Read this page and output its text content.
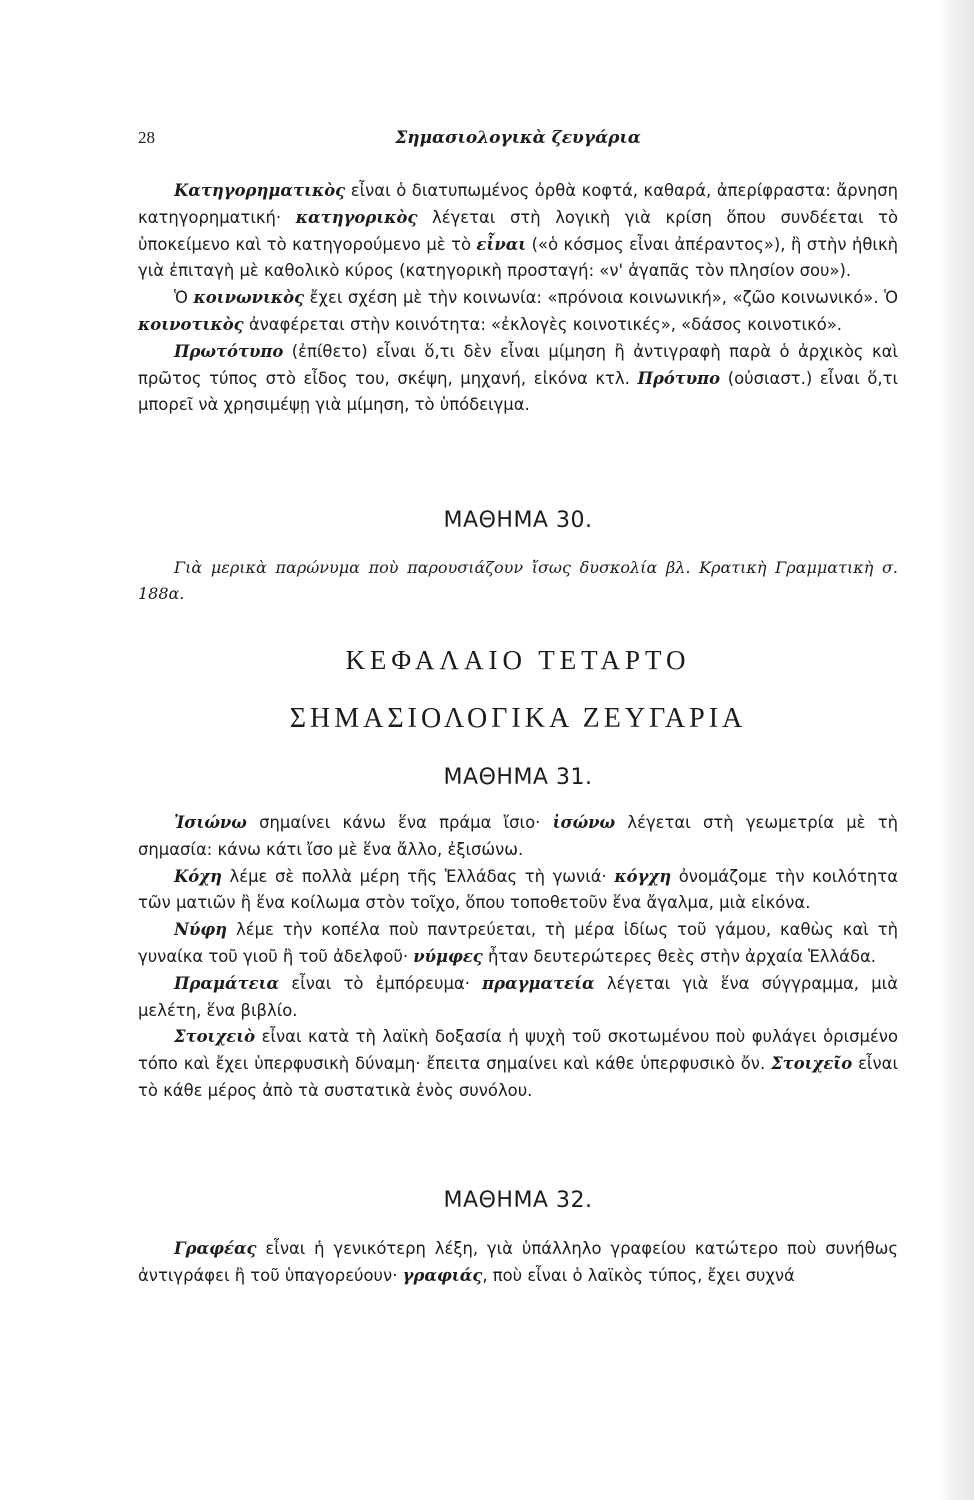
28	Σημασιολογικὰ ζευγάρια

Κατηγορηματικὸς εἶναι ὁ διατυπωμένος ὀρθὰ κοφτά, καθαρά, ἀπερίφραστα: ἄρνηση κατηγορηματική· κατηγορικὸς λέγεται στὴ λογικὴ γιὰ κρίση ὅπου συνδέεται τὸ ὑποκείμενο καὶ τὸ κατηγορούμενο μὲ τὸ εἶναι («ὁ κόσμος εἶναι ἀπέραντος»), ἢ στὴν ἠθικὴ γιὰ ἐπιταγὴ μὲ καθολικὸ κύρος (κατηγορικὴ προσταγή: «ν' ἀγαπᾶς τὸν πλησίον σου»).

Ὁ κοινωνικὸς ἔχει σχέση μὲ τὴν κοινωνία: «πρόνοια κοινωνική», «ζῶο κοινωνικό». Ὁ κοινοτικὸς ἀναφέρεται στὴν κοινότητα: «ἐκλογὲς κοινοτικές», «δάσος κοινοτικό».

Πρωτότυπο (ἐπίθετο) εἶναι ὅ,τι δὲν εἶναι μίμηση ἢ ἀντιγραφὴ παρὰ ὁ ἀρχικὸς καὶ πρῶτος τύπος στὸ εἶδος του, σκέψη, μηχανή, εἰκόνα κτλ. Πρότυπο (οὐσιαστ.) εἶναι ὅ,τι μπορεῖ νὰ χρησιμέψῃ γιὰ μίμηση, τὸ ὑπόδειγμα.

ΜΑΘΗΜΑ 30.
Γιὰ μερικὰ παρώνυμα ποὺ παρουσιάζουν ἴσως δυσκολία βλ. Κρατικὴ Γραμματικὴ σ. 188α.
ΚΕΦΑΛΑΙΟ ΤΕΤΑΡΤΟ
ΣΗΜΑΣΙΟΛΟΓΙΚΑ ΖΕΥΓΑΡΙΑ
ΜΑΘΗΜΑ 31.

Ἰσιώνω σημαίνει κάνω ἕνα πράμα ἴσιο· ἰσώνω λέγεται στὴ γεωμετρία μὲ τὴ σημασία: κάνω κάτι ἴσο μὲ ἕνα ἄλλο, ἐξισώνω.

Κόχη λέμε σὲ πολλὰ μέρη τῆς Ἑλλάδας τὴ γωνιά· κόγχη ὀνομάζομε τὴν κοιλότητα τῶν ματιῶν ἢ ἕνα κοίλωμα στὸν τοῖχο, ὅπου τοποθετοῦν ἕνα ἄγαλμα, μιὰ εἰκόνα.

Νύφη λέμε τὴν κοπέλα ποὺ παντρεύεται, τὴ μέρα ἰδίως τοῦ γάμου, καθὼς καὶ τὴ γυναίκα τοῦ γιοῦ ἢ τοῦ ἀδελφοῦ· νύμφες ἦταν δευτερώτερες θεὲς στὴν ἀρχαία Ἑλλάδα.

Πραμάτεια εἶναι τὸ ἐμπόρευμα· πραγματεία λέγεται γιὰ ἕνα σύγγραμμα, μιὰ μελέτη, ἕνα βιβλίο.

Στοιχειὸ εἶναι κατὰ τὴ λαϊκὴ δοξασία ἡ ψυχὴ τοῦ σκοτωμένου ποὺ φυλάγει ὁρισμένο τόπο καὶ ἔχει ὑπερφυσικὴ δύναμη· ἔπειτα σημαίνει καὶ κάθε ὑπερφυσικὸ ὄν. Στοιχεῖο εἶναι τὸ κάθε μέρος ἀπὸ τὰ συστατικὰ ἑνὸς συνόλου.

ΜΑΘΗΜΑ 32.

Γραφέας εἶναι ἡ γενικότερη λέξη, γιὰ ὑπάλληλο γραφείου κατώτερο ποὺ συνήθως ἀντιγράφει ἢ τοῦ ὑπαγορεύουν· γραφιάς, ποὺ εἶναι ὁ λαϊκὸς τύπος, ἔχει συχνά
